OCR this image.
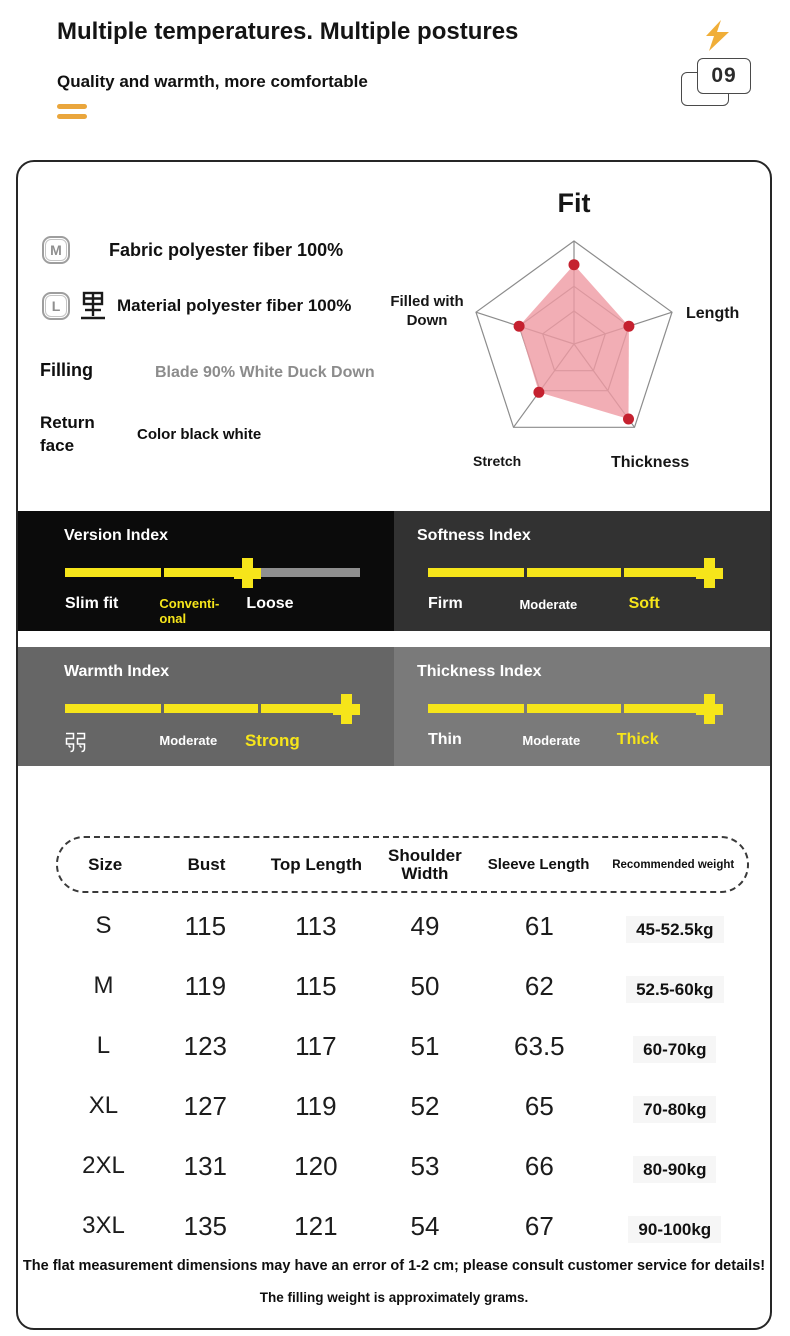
Multiple temperatures. Multiple postures
Quality and warmth, more comfortable	09
M	Fabric polyester fiber 100%
L	Material polyester fiber 100%
Filling	Blade 90% White Duck Down
Return face
Color black white
Fit
Length
Thickness
Stretch
Filled with Down
Version Index
Slim fit	Conventi-onal
Loose
Softness Index
Firm	Moderate	Soft
Warmth Index
Moderate Strong
Thickness Index
Thin	Moderate Thick
Size	Bust	Top Length	Shoulder Width	Sleeve Length	Recommended weight
S	115	113	49	61	45-52.5kg
M	119	115	50	62	52.5-60kg
L	123	117	51	63.5	60-70kg
XL	127	119	52	65	70-80kg
2XL	131	120	53	66	80-90kg
3XL	135	121	54	67	90-100kg
The flat measurement dimensions may have an error of 1-2 cm; please consult customer service for details!
The filling weight is approximately grams.
